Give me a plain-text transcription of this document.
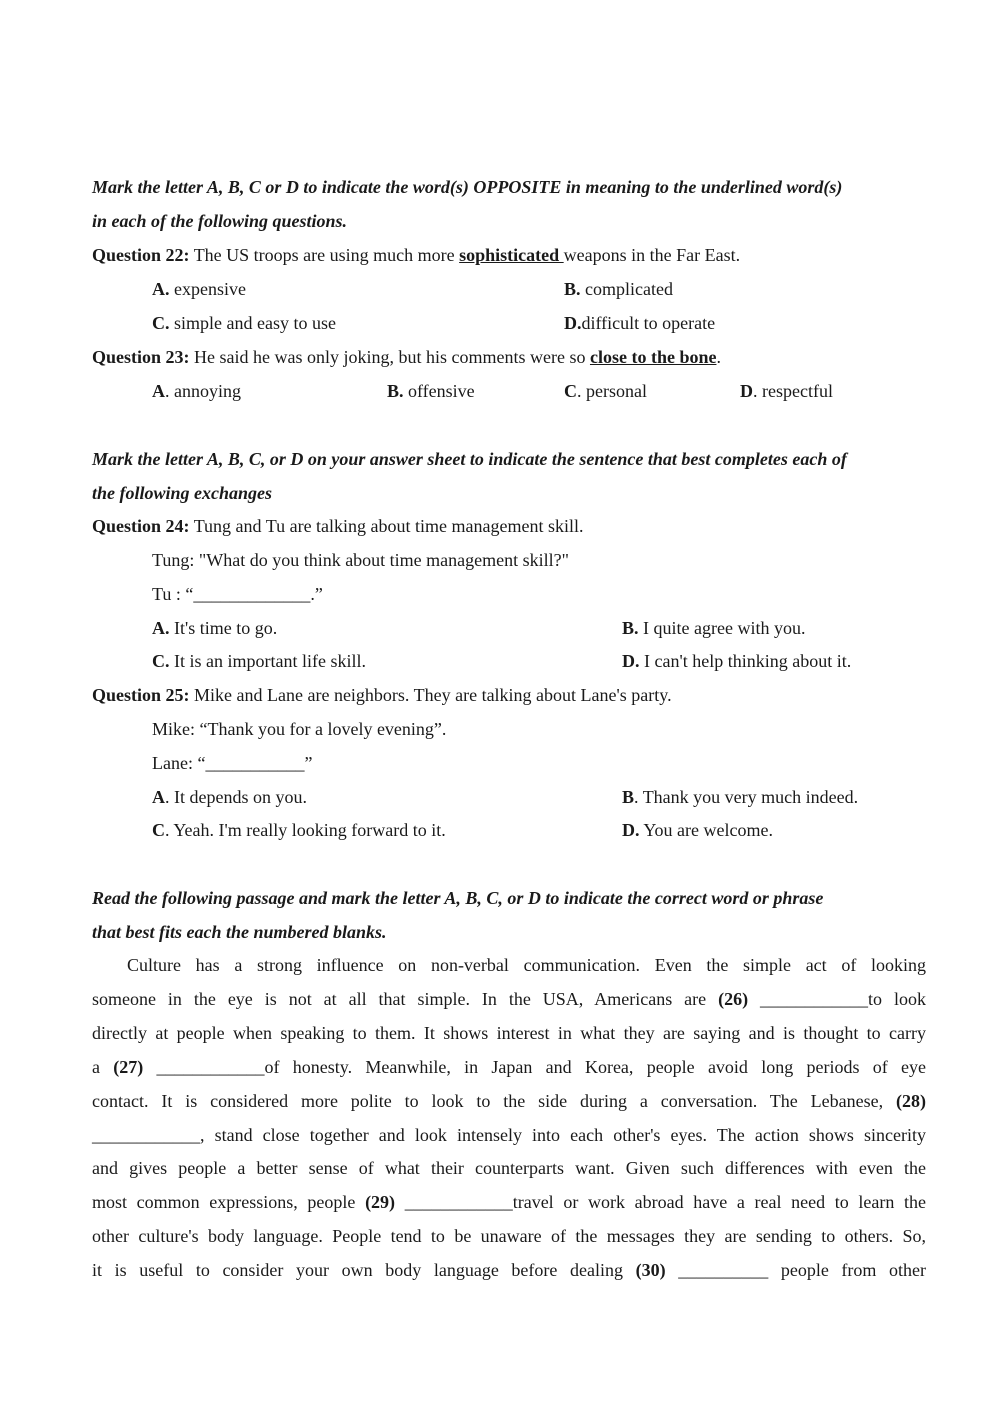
Mark the letter A, B, C or D to indicate the word(s) OPPOSITE in meaning to the underlined word(s)
in each of the following questions.
Question 22: The US troops are using much more sophisticated weapons in the Far East.
A. expensive	B. complicated
C. simple and easy to use	D.difficult to operate
Question 23: He said he was only joking, but his comments were so close to the bone.
A. annoying	B. offensive	C. personal	D. respectful
Mark the letter A, B, C, or D on your answer sheet to indicate the sentence that best completes each of
the following exchanges
Question 24: Tung and Tu are talking about time management skill.
Tung: "What do you think about time management skill?"
Tu : “_____________.”
A. It's time to go.	B. I quite agree with you.
C. It is an important life skill.	D. I can't help thinking about it.
Question 25: Mike and Lane are neighbors. They are talking about Lane's party.
Mike: “Thank you for a lovely evening”.
Lane: “___________”
A. It depends on you.	B. Thank you very much indeed.
C. Yeah. I'm really looking forward to it.	D. You are welcome.
Read the following passage and mark the letter A, B, C, or D to indicate the correct word or phrase
that best fits each the numbered blanks.
Culture has a strong influence on non-verbal communication. Even the simple act of looking
someone in the eye is not at all that simple. In the USA, Americans are (26) ____________to look
directly at people when speaking to them. It shows interest in what they are saying and is thought to carry
a (27) ____________of honesty. Meanwhile, in Japan and Korea, people avoid long periods of eye
contact. It is considered more polite to look to the side during a conversation. The Lebanese, (28)
____________, stand close together and look intensely into each other's eyes. The action shows sincerity
and gives people a better sense of what their counterparts want. Given such differences with even the
most common expressions, people (29) ____________travel or work abroad have a real need to learn the
other culture's body language. People tend to be unaware of the messages they are sending to others. So,
it is useful to consider your own body language before dealing (30) __________ people from other
